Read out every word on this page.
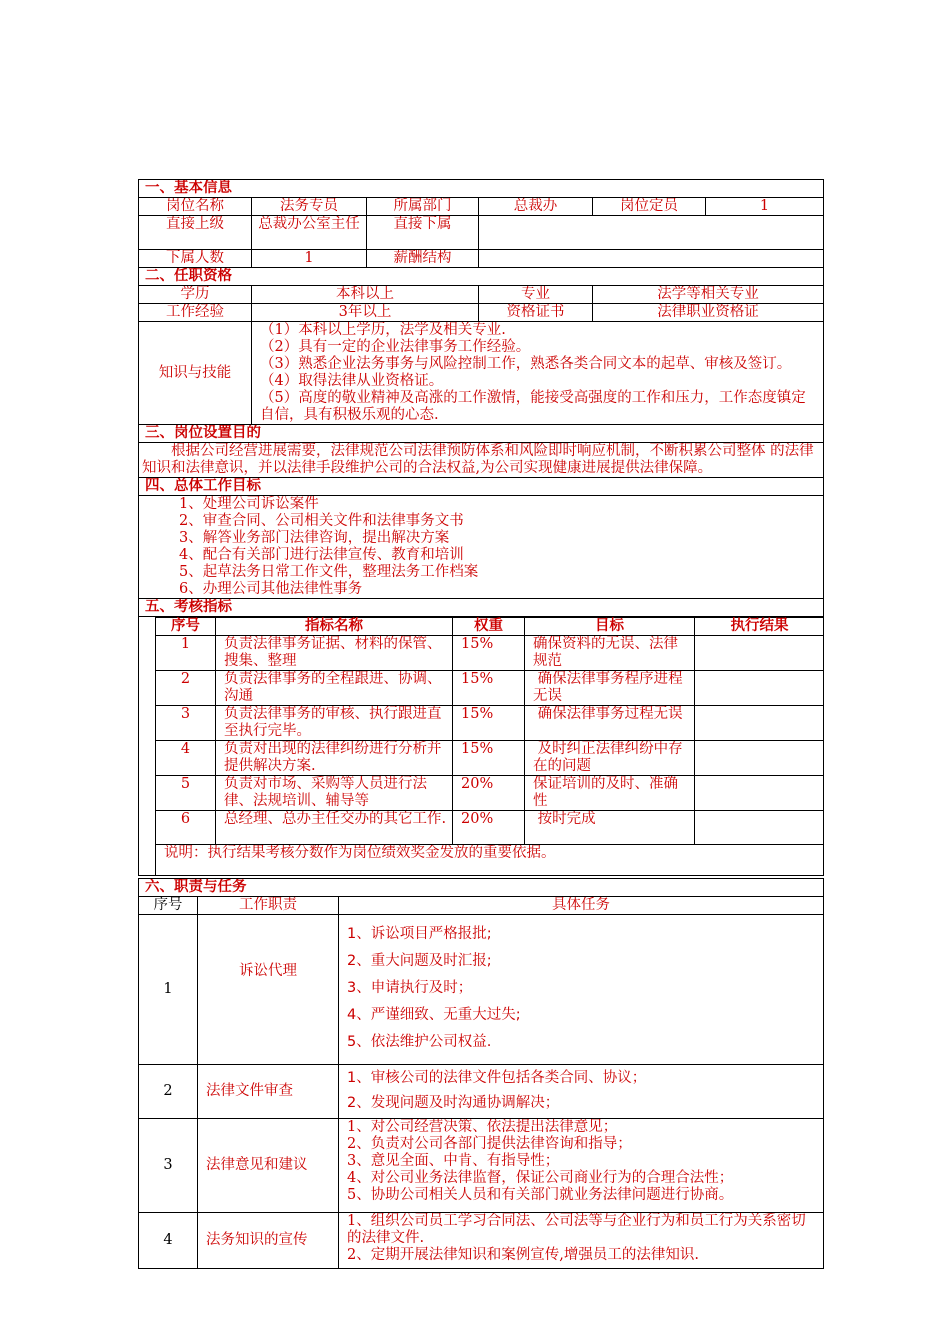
一、基本信息
岗位名称	法务专员	所属部门	总裁办	岗位定员	1
直接上级	总裁办公室主任	直接下属	
下属人数	1	薪酬结构	
二、任职资格
学历	本科以上	专业	法学等相关专业
工作经验	3年以上	资格证书	法律职业资格证
知识与技能	
（1）本科以上学历，法学及相关专业.
（2）具有一定的企业法律事务工作经验。
（3）熟悉企业法务事务与风险控制工作，熟悉各类合同文本的起草、审核及签订。
（4）取得法律从业资格证。
（5）高度的敬业精神及高涨的工作激情，能接受高强度的工作和压力，工作态度镇定自信，具有积极乐观的心态.

三、岗位设置目的
根据公司经营进展需要，法律规范公司法律预防体系和风险即时响应机制，不断积累公司整体 的法律知识和法律意识，并以法律手段维护公司的合法权益,为公司实现健康进展提供法律保障。
四、总体工作目标

1、处理公司诉讼案件
2、审查合同、公司相关文件和法律事务文书
3、解答业务部门法律咨询，提出解决方案
4、配合有关部门进行法律宣传、教育和培训
5、起草法务日常工作文件，整理法务工作档案
6、办理公司其他法律性事务

五、考核指标

序号	指标名称	权重	目标	执行结果
1	负责法律事务证据、材料的保管、搜集、整理	15%	确保资料的无误、法律规范	
2	负责法律事务的全程跟进、协调、沟通	15%	确保法律事务程序进程无误	
3	负责法律事务的审核、执行跟进直至执行完毕。	15%	确保法律事务过程无误	
4	负责对出现的法律纠纷进行分析并提供解决方案.	15%	及时纠正法律纠纷中存在的问题	
5	负责对市场、采购等人员进行法律、法规培训、辅导等	20%	保证培训的及时、准确性	
6	总经理、总办主任交办的其它工作.	20%	按时完成	
说明：执行结果考核分数作为岗位绩效奖金发放的重要依据。
六、职责与任务		
序号	工作职责	具体任务
1	诉讼代理	1、诉讼项目严格报批;
2、重大问题及时汇报;
3、申请执行及时；
4、严谨细致、无重大过失;
5、依法维护公司权益.

2	法律文件审查	1、审核公司的法律文件包括各类合同、协议；
2、发现问题及时沟通协调解决；

3	法律意见和建议	1、对公司经营决策、依法提出法律意见；
2、负责对公司各部门提供法律咨询和指导；
3、意见全面、中肯、有指导性；
4、对公司业务法律监督，保证公司商业行为的合理合法性；
5、协助公司相关人员和有关部门就业务法律问题进行协商。

4	法务知识的宣传	1、组织公司员工学习合同法、公司法等与企业行为和员工行为关系密切的法律文件.
2、定期开展法律知识和案例宣传,增强员工的法律知识.
